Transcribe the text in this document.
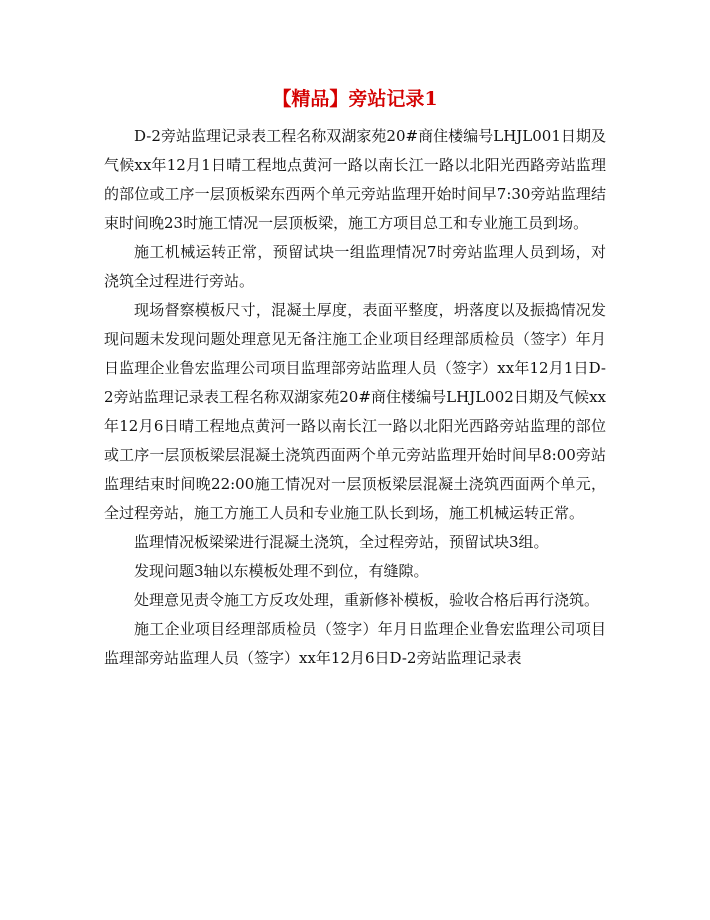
【精品】旁站记录1

D-2旁站监理记录表工程名称双湖家苑20#商住楼编号LHJL001日期及气候xx年12月1日晴工程地点黄河一路以南长江一路以北阳光西路旁站监理的部位或工序一层顶板梁东西两个单元旁站监理开始时间早7:30旁站监理结束时间晚23时施工情况一层顶板梁，施工方项目总工和专业施工员到场。

施工机械运转正常，预留试块一组监理情况7时旁站监理人员到场，对浇筑全过程进行旁站。

现场督察模板尺寸，混凝土厚度，表面平整度，坍落度以及振捣情况发现问题未发现问题处理意见无备注施工企业项目经理部质检员（签字）年月日监理企业鲁宏监理公司项目监理部旁站监理人员（签字）xx年12月1日D-2旁站监理记录表工程名称双湖家苑20#商住楼编号LHJL002日期及气候xx年12月6日晴工程地点黄河一路以南长江一路以北阳光西路旁站监理的部位或工序一层顶板梁层混凝土浇筑西面两个单元旁站监理开始时间早8:00旁站监理结束时间晚22:00施工情况对一层顶板梁层混凝土浇筑西面两个单元，全过程旁站，施工方施工人员和专业施工队长到场，施工机械运转正常。

监理情况板梁梁进行混凝土浇筑，全过程旁站，预留试块3组。

发现问题3轴以东模板处理不到位，有缝隙。

处理意见责令施工方反攻处理，重新修补模板，验收合格后再行浇筑。

施工企业项目经理部质检员（签字）年月日监理企业鲁宏监理公司项目监理部旁站监理人员（签字）xx年12月6日D-2旁站监理记录表
